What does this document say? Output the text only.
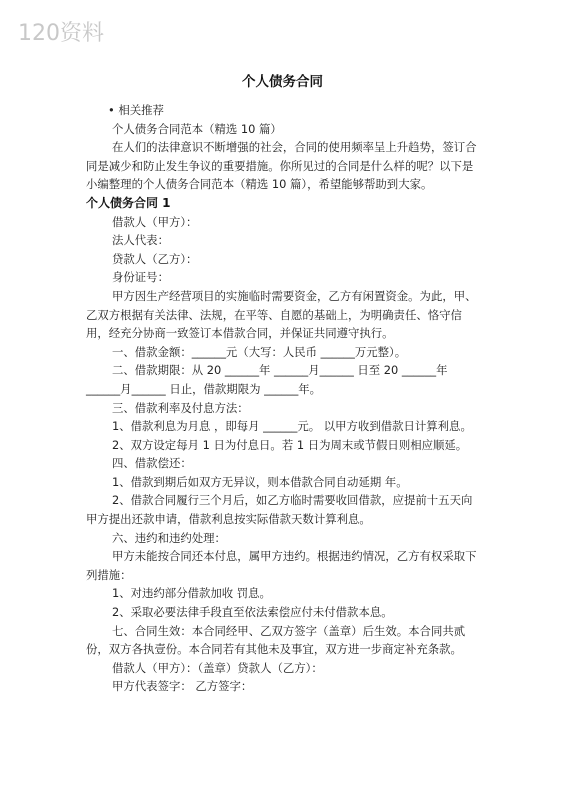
120资料
个人债务合同

• 相关推荐

个人债务合同范本（精选 10 篇）

在人们的法律意识不断增强的社会，合同的使用频率呈上升趋势，签订合同是减少和防止发生争议的重要措施。你所见过的合同是什么样的呢？以下是小编整理的个人债务合同范本（精选 10 篇），希望能够帮助到大家。

个人债务合同 1

借款人（甲方）：

法人代表：

贷款人（乙方）：

身份证号：

甲方因生产经营项目的实施临时需要资金，乙方有闲置资金。为此，甲、乙双方根据有关法律、法规，在平等、自愿的基础上，为明确责任、恪守信用，经充分协商一致签订本借款合同，并保证共同遵守执行。

一、借款金额：______元（大写：人民币 ______万元整）。

二、借款期限：从 20 ______年 ______月______ 日至 20 ______年 ______月______ 日止，借款期限为 ______年。

三、借款利率及付息方法：

1、借款利息为月息 ，即每月 ______元。 以甲方收到借款日计算利息。

2、双方设定每月 1 日为付息日。若 1 日为周末或节假日则相应顺延。

四、借款偿还：

1、借款到期后如双方无异议，则本借款合同自动延期 年。

2、借款合同履行三个月后，如乙方临时需要收回借款，应提前十五天向甲方提出还款申请，借款利息按实际借款天数计算利息。

六、违约和违约处理：

甲方未能按合同还本付息，属甲方违约。根据违约情况，乙方有权采取下列措施：

1、对违约部分借款加收 罚息。

2、采取必要法律手段直至依法索偿应付未付借款本息。

七、合同生效：本合同经甲、乙双方签字（盖章）后生效。本合同共贰份，双方各执壹份。本合同若有其他未及事宜，双方进一步商定补充条款。

借款人（甲方）：（盖章）贷款人（乙方）：

甲方代表签字： 乙方签字：
